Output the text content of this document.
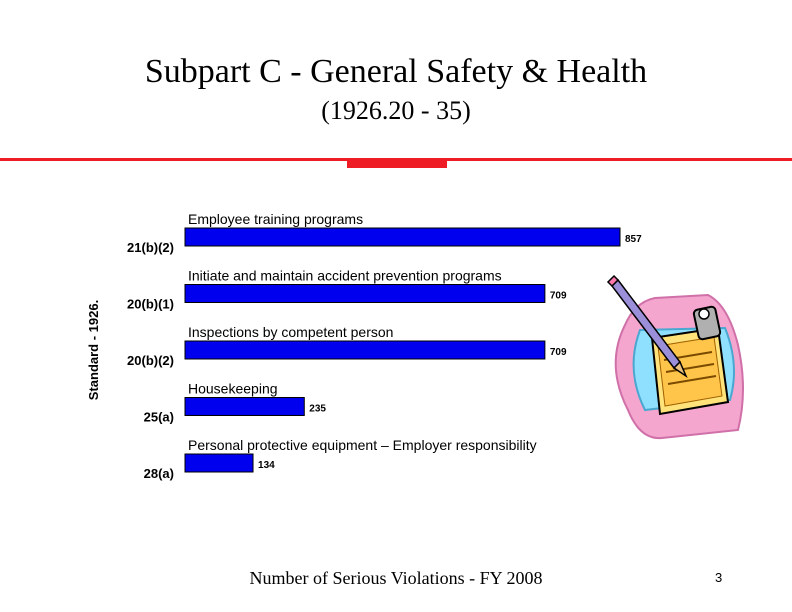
Subpart C - General Safety & Health
(1926.20 - 35)
Standard - 1926.
857
21(b)(2)
Employee training programs
709
20(b)(1)
Initiate and maintain accident prevention programs
709
20(b)(2)
Inspections by competent person
235
25(a)
Housekeeping
134
28(a)
Personal protective equipment – Employer responsibility
Number of Serious Violations - FY 2008	3
